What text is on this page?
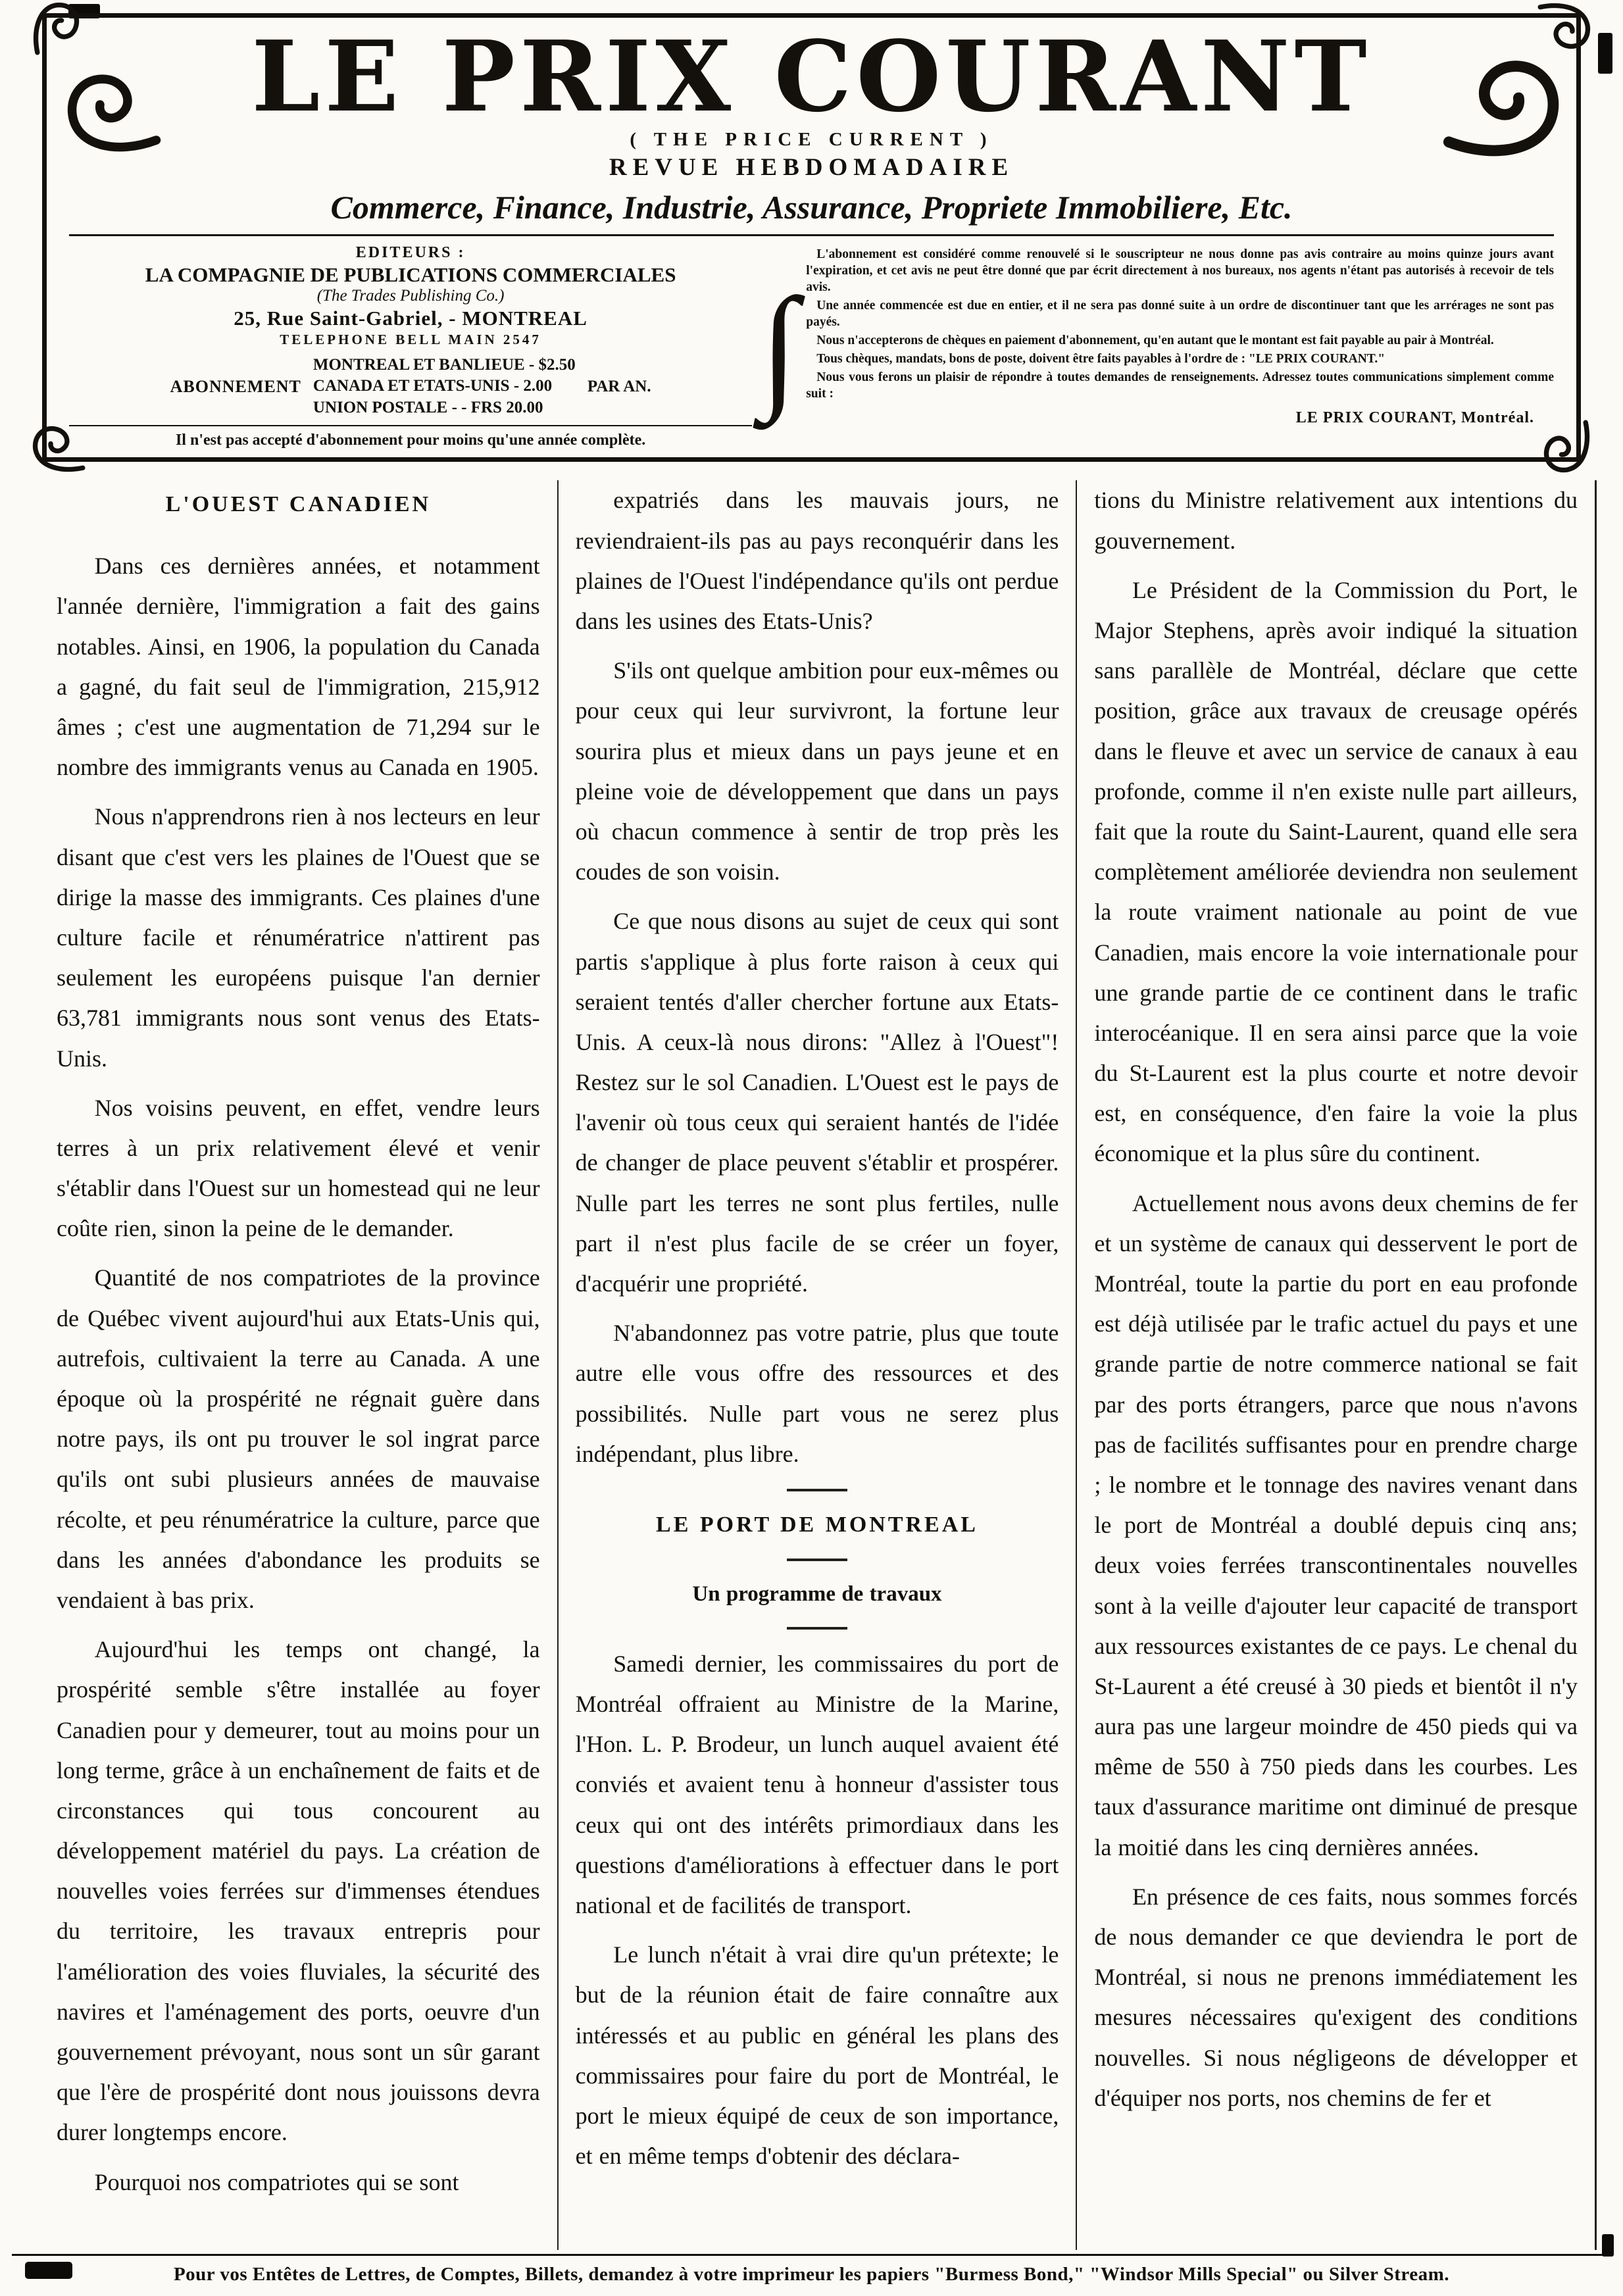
LE PRIX COURANT
( THE PRICE CURRENT )
REVUE HEBDOMADAIRE
Commerce, Finance, Industrie, Assurance, Propriete Immobiliere, Etc.
EDITEURS :
LA COMPAGNIE DE PUBLICATIONS COMMERCIALES
(The Trades Publishing Co.)
25, Rue Saint-Gabriel, - MONTREAL
TELEPHONE BELL MAIN 2547
ABONNEMENT
MONTREAL ET BANLIEUE - $2.50
CANADA ET ETATS-UNIS - 2.00
UNION POSTALE - - FRS 20.00
PAR AN.
Il n'est pas accepté d'abonnement pour moins qu'une année complète.
∫

L'abonnement est considéré comme renouvelé si le souscripteur ne nous donne pas avis contraire au moins quinze jours avant l'expiration, et cet avis ne peut être donné que par écrit directement à nos bureaux, nos agents n'étant pas autorisés à recevoir de tels avis.

Une année commencée est due en entier, et il ne sera pas donné suite à un ordre de discontinuer tant que les arrérages ne sont pas payés.

Nous n'accepterons de chèques en paiement d'abonnement, qu'en autant que le montant est fait payable au pair à Montréal.

Tous chèques, mandats, bons de poste, doivent être faits payables à l'ordre de : "LE PRIX COURANT."

Nous vous ferons un plaisir de répondre à toutes demandes de renseignements. Adressez toutes communications simplement comme suit :

LE PRIX COURANT, Montréal.
L'OUEST CANADIEN

Dans ces dernières années, et notamment l'année dernière, l'immigration a fait des gains notables. Ainsi, en 1906, la population du Canada a gagné, du fait seul de l'immigration, 215,912 âmes ; c'est une augmentation de 71,294 sur le nombre des immigrants venus au Canada en 1905.

Nous n'apprendrons rien à nos lecteurs en leur disant que c'est vers les plaines de l'Ouest que se dirige la masse des immigrants. Ces plaines d'une culture facile et rénumératrice n'attirent pas seulement les européens puisque l'an dernier 63,781 immigrants nous sont venus des Etats-Unis.

Nos voisins peuvent, en effet, vendre leurs terres à un prix relativement élevé et venir s'établir dans l'Ouest sur un homestead qui ne leur coûte rien, sinon la peine de le demander.

Quantité de nos compatriotes de la province de Québec vivent aujourd'hui aux Etats-Unis qui, autrefois, cultivaient la terre au Canada. A une époque où la prospérité ne régnait guère dans notre pays, ils ont pu trouver le sol ingrat parce qu'ils ont subi plusieurs années de mauvaise récolte, et peu rénumératrice la culture, parce que dans les années d'abondance les produits se vendaient à bas prix.

Aujourd'hui les temps ont changé, la prospérité semble s'être installée au foyer Canadien pour y demeurer, tout au moins pour un long terme, grâce à un enchaînement de faits et de circonstances qui tous concourent au développement matériel du pays. La création de nouvelles voies ferrées sur d'immenses étendues du territoire, les travaux entrepris pour l'amélioration des voies fluviales, la sécurité des navires et l'aménagement des ports, oeuvre d'un gouvernement prévoyant, nous sont un sûr garant que l'ère de prospérité dont nous jouissons devra durer longtemps encore.

Pourquoi nos compatriotes qui se sont

expatriés dans les mauvais jours, ne reviendraient-ils pas au pays reconquérir dans les plaines de l'Ouest l'indépendance qu'ils ont perdue dans les usines des Etats-Unis?

S'ils ont quelque ambition pour eux-mêmes ou pour ceux qui leur survivront, la fortune leur sourira plus et mieux dans un pays jeune et en pleine voie de développement que dans un pays où chacun commence à sentir de trop près les coudes de son voisin.

Ce que nous disons au sujet de ceux qui sont partis s'applique à plus forte raison à ceux qui seraient tentés d'aller chercher fortune aux Etats-Unis. A ceux-là nous dirons: "Allez à l'Ouest"! Restez sur le sol Canadien. L'Ouest est le pays de l'avenir où tous ceux qui seraient hantés de l'idée de changer de place peuvent s'établir et prospérer. Nulle part les terres ne sont plus fertiles, nulle part il n'est plus facile de se créer un foyer, d'acquérir une propriété.

N'abandonnez pas votre patrie, plus que toute autre elle vous offre des ressources et des possibilités. Nulle part vous ne serez plus indépendant, plus libre.

LE PORT DE MONTREAL
Un programme de travaux

Samedi dernier, les commissaires du port de Montréal offraient au Ministre de la Marine, l'Hon. L. P. Brodeur, un lunch auquel avaient été conviés et avaient tenu à honneur d'assister tous ceux qui ont des intérêts primordiaux dans les questions d'améliorations à effectuer dans le port national et de facilités de transport.

Le lunch n'était à vrai dire qu'un prétexte; le but de la réunion était de faire connaître aux intéressés et au public en général les plans des commissaires pour faire du port de Montréal, le port le mieux équipé de ceux de son importance, et en même temps d'obtenir des déclara-

tions du Ministre relativement aux intentions du gouvernement.

Le Président de la Commission du Port, le Major Stephens, après avoir indiqué la situation sans parallèle de Montréal, déclare que cette position, grâce aux travaux de creusage opérés dans le fleuve et avec un service de canaux à eau profonde, comme il n'en existe nulle part ailleurs, fait que la route du Saint-Laurent, quand elle sera complètement améliorée deviendra non seulement la route vraiment nationale au point de vue Canadien, mais encore la voie internationale pour une grande partie de ce continent dans le trafic interocéanique. Il en sera ainsi parce que la voie du St-Laurent est la plus courte et notre devoir est, en conséquence, d'en faire la voie la plus économique et la plus sûre du continent.

Actuellement nous avons deux chemins de fer et un système de canaux qui desservent le port de Montréal, toute la partie du port en eau profonde est déjà utilisée par le trafic actuel du pays et une grande partie de notre commerce national se fait par des ports étrangers, parce que nous n'avons pas de facilités suffisantes pour en prendre charge ; le nombre et le tonnage des navires venant dans le port de Montréal a doublé depuis cinq ans; deux voies ferrées transcontinentales nouvelles sont à la veille d'ajouter leur capacité de transport aux ressources existantes de ce pays. Le chenal du St-Laurent a été creusé à 30 pieds et bientôt il n'y aura pas une largeur moindre de 450 pieds qui va même de 550 à 750 pieds dans les courbes. Les taux d'assurance maritime ont diminué de presque la moitié dans les cinq dernières années.

En présence de ces faits, nous sommes forcés de nous demander ce que deviendra le port de Montréal, si nous ne prenons immédiatement les mesures nécessaires qu'exigent des conditions nouvelles. Si nous négligeons de développer et d'équiper nos ports, nos chemins de fer et

Pour vos Entêtes de Lettres, de Comptes, Billets, demandez à votre imprimeur les papiers "Burmess Bond," "Windsor Mills Special" ou Silver Stream.
